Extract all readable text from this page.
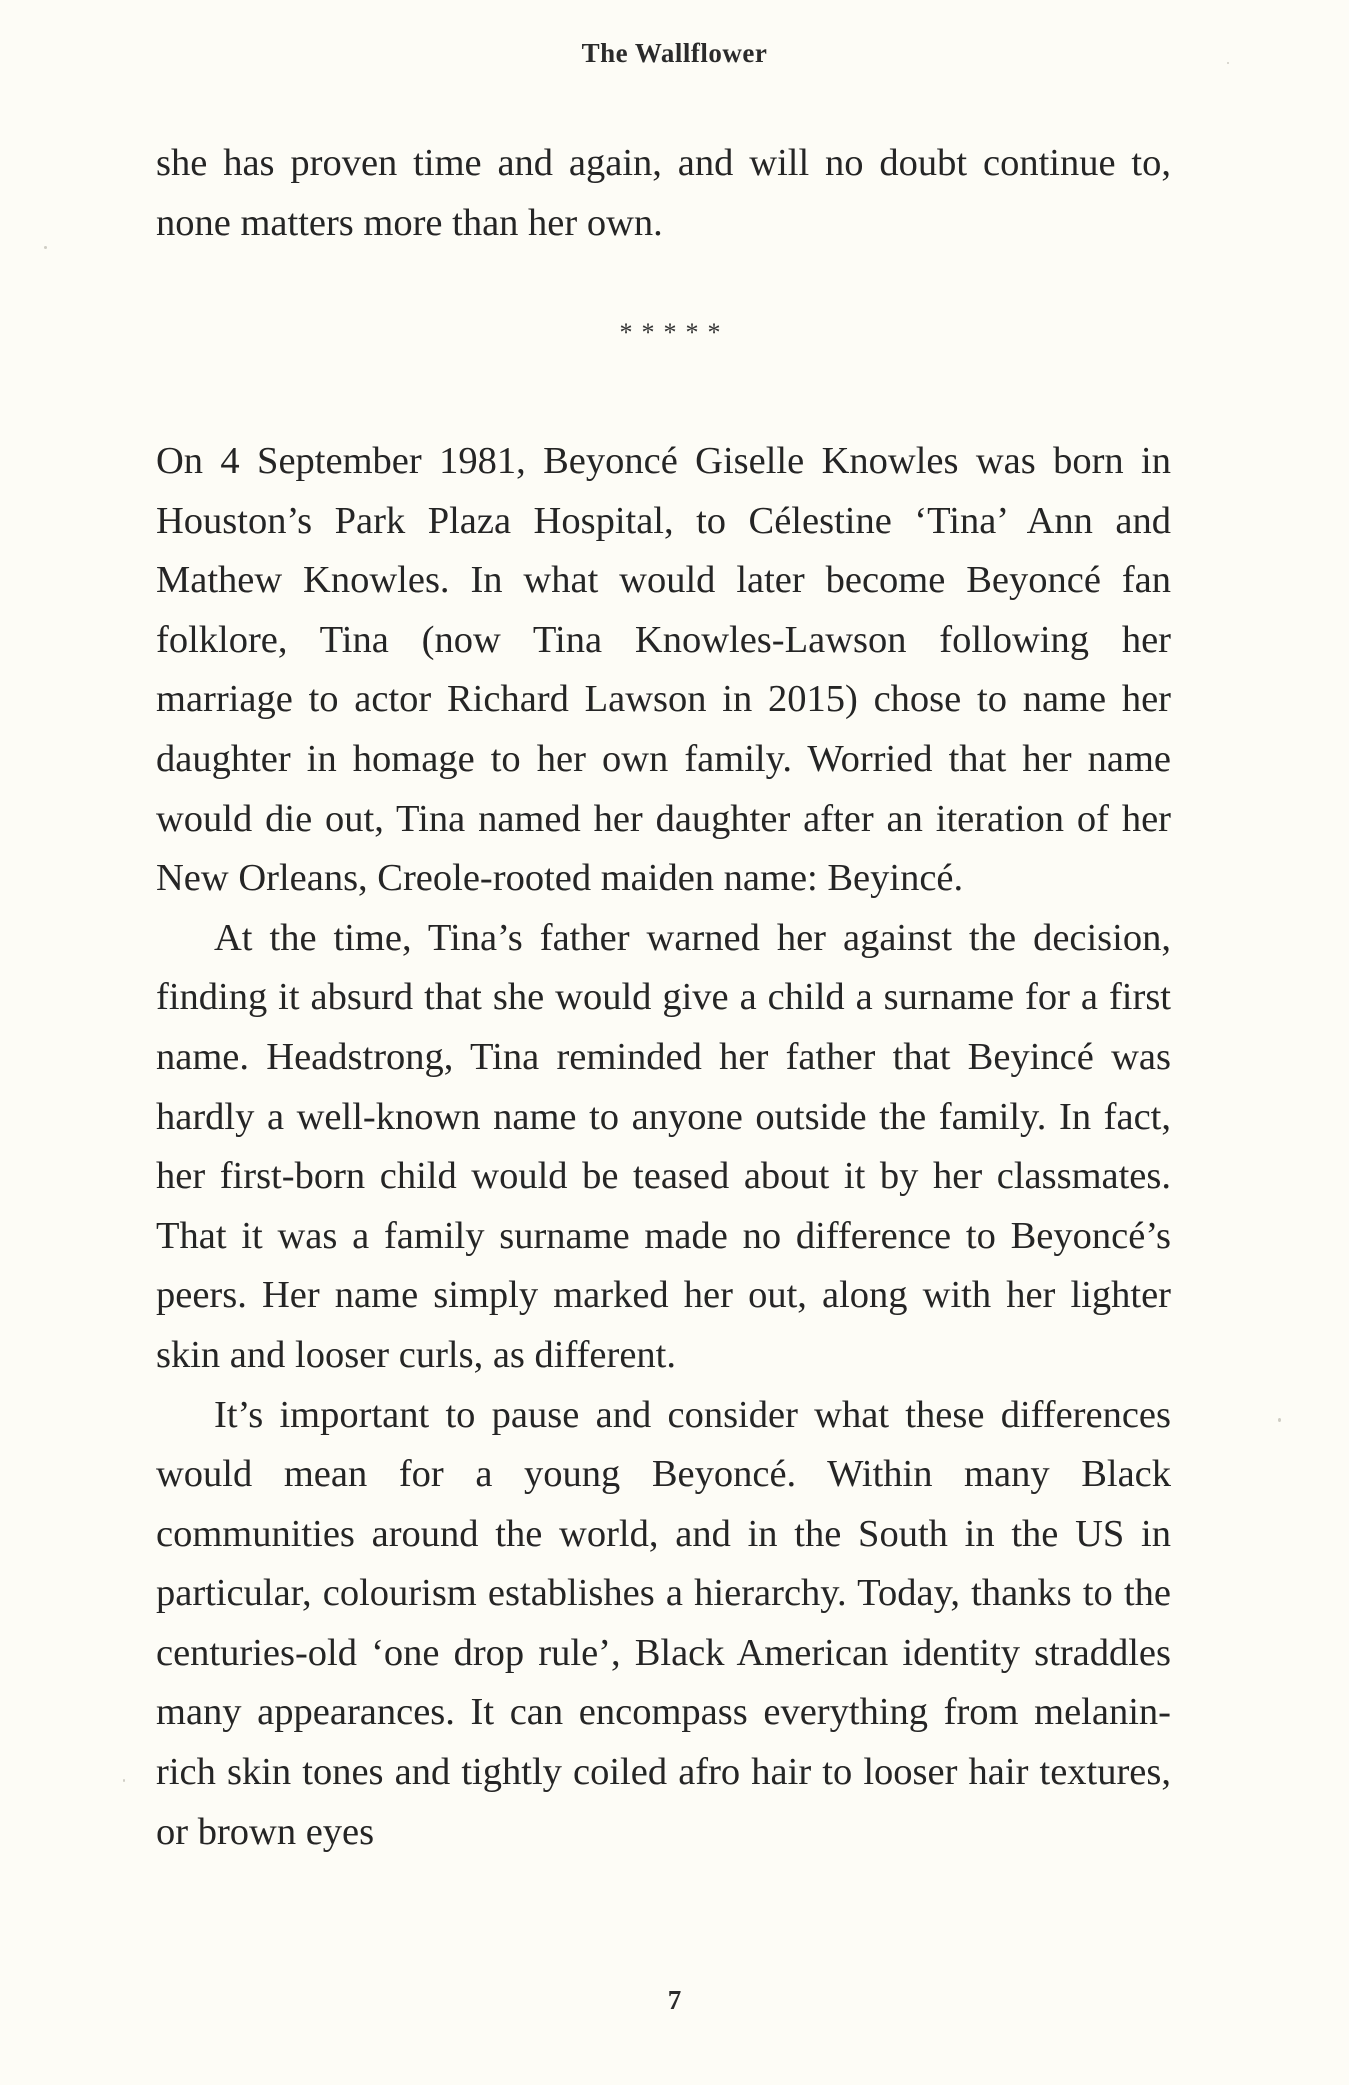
The Wallflower

she has proven time and again, and will no doubt continue to, none matters more than her own.

*****

On 4 September 1981, Beyoncé Giselle Knowles was born in Houston’s Park Plaza Hospital, to Célestine ‘Tina’ Ann and Mathew Knowles. In what would later become Beyoncé fan folklore, Tina (now Tina Knowles-Lawson following her marriage to actor Richard Lawson in 2015) chose to name her daughter in homage to her own family. Worried that her name would die out, Tina named her daughter after an iteration of her New Orleans, Creole-rooted maiden name: Beyincé.

At the time, Tina’s father warned her against the decision, finding it absurd that she would give a child a surname for a first name. Headstrong, Tina reminded her father that Beyincé was hardly a well-known name to anyone outside the family. In fact, her first-born child would be teased about it by her classmates. That it was a family surname made no difference to Beyoncé’s peers. Her name simply marked her out, along with her lighter skin and looser curls, as different.

It’s important to pause and consider what these differences would mean for a young Beyoncé. Within many Black communities around the world, and in the South in the US in particular, colourism establishes a hierarchy. Today, thanks to the centuries-old ‘one drop rule’, Black American identity straddles many appearances. It can encompass everything from melanin-rich skin tones and tightly coiled afro hair to looser hair textures, or brown eyes

7
